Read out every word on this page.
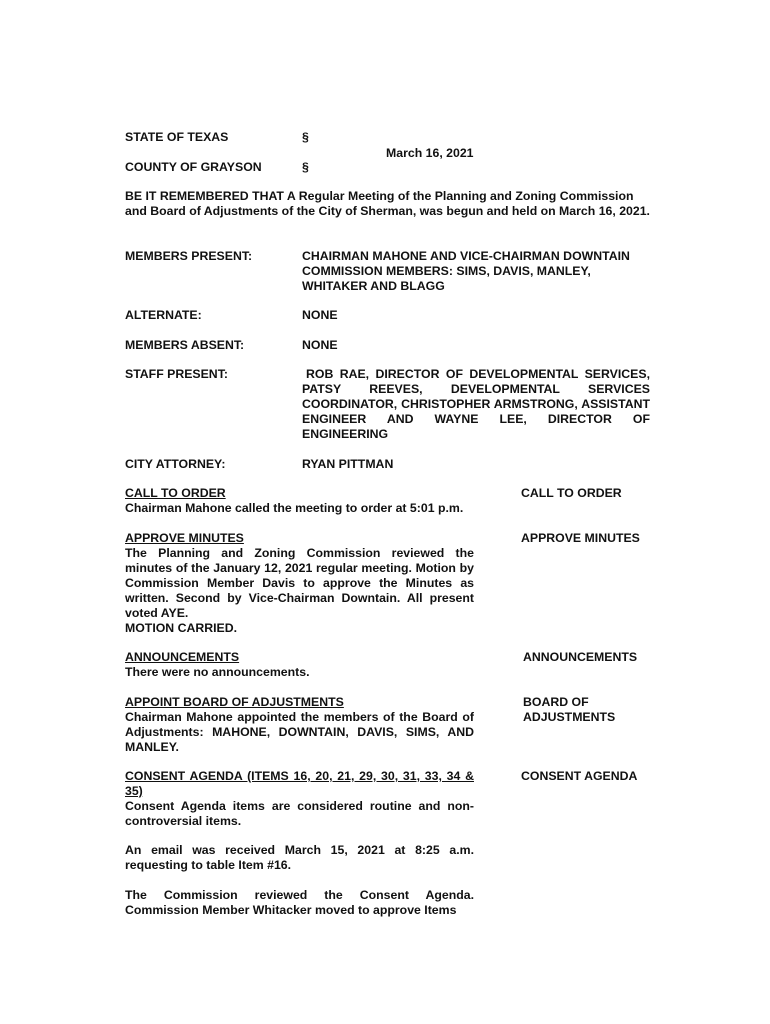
STATE OF TEXAS	§
March 16, 2021
COUNTY OF GRAYSON	§
BE IT REMEMBERED THAT A Regular Meeting of the Planning and Zoning Commission and Board of Adjustments of the City of Sherman, was begun and held on March 16, 2021.
MEMBERS PRESENT:	CHAIRMAN MAHONE AND VICE-CHAIRMAN DOWNTAIN COMMISSION MEMBERS: SIMS, DAVIS, MANLEY, WHITAKER AND BLAGG
ALTERNATE:	NONE
MEMBERS ABSENT:	NONE
STAFF PRESENT:	ROB RAE, DIRECTOR OF DEVELOPMENTAL SERVICES, PATSY REEVES, DEVELOPMENTAL SERVICES COORDINATOR, CHRISTOPHER ARMSTRONG, ASSISTANT ENGINEER AND WAYNE LEE, DIRECTOR OF ENGINEERING
CITY ATTORNEY:	RYAN PITTMAN
CALL TO ORDER
Chairman Mahone called the meeting to order at 5:01 p.m.
CALL TO ORDER
APPROVE MINUTES

The Planning and Zoning Commission reviewed the minutes of the January 12, 2021 regular meeting. Motion by Commission Member Davis to approve the Minutes as written. Second by Vice-Chairman Downtain. All present voted AYE.

MOTION CARRIED.

APPROVE MINUTES
ANNOUNCEMENTS
There were no announcements.
ANNOUNCEMENTS
APPOINT BOARD OF ADJUSTMENTS
Chairman Mahone appointed the members of the Board of Adjustments: MAHONE, DOWNTAIN, DAVIS, SIMS, AND MANLEY.
BOARD OF ADJUSTMENTS
CONSENT AGENDA (ITEMS 16, 20, 21, 29, 30, 31, 33, 34 & 35)
Consent Agenda items are considered routine and non-controversial items.
CONSENT AGENDA
An email was received March 15, 2021 at 8:25 a.m. requesting to table Item #16.
The Commission reviewed the Consent Agenda. Commission Member Whitacker moved to approve Items
